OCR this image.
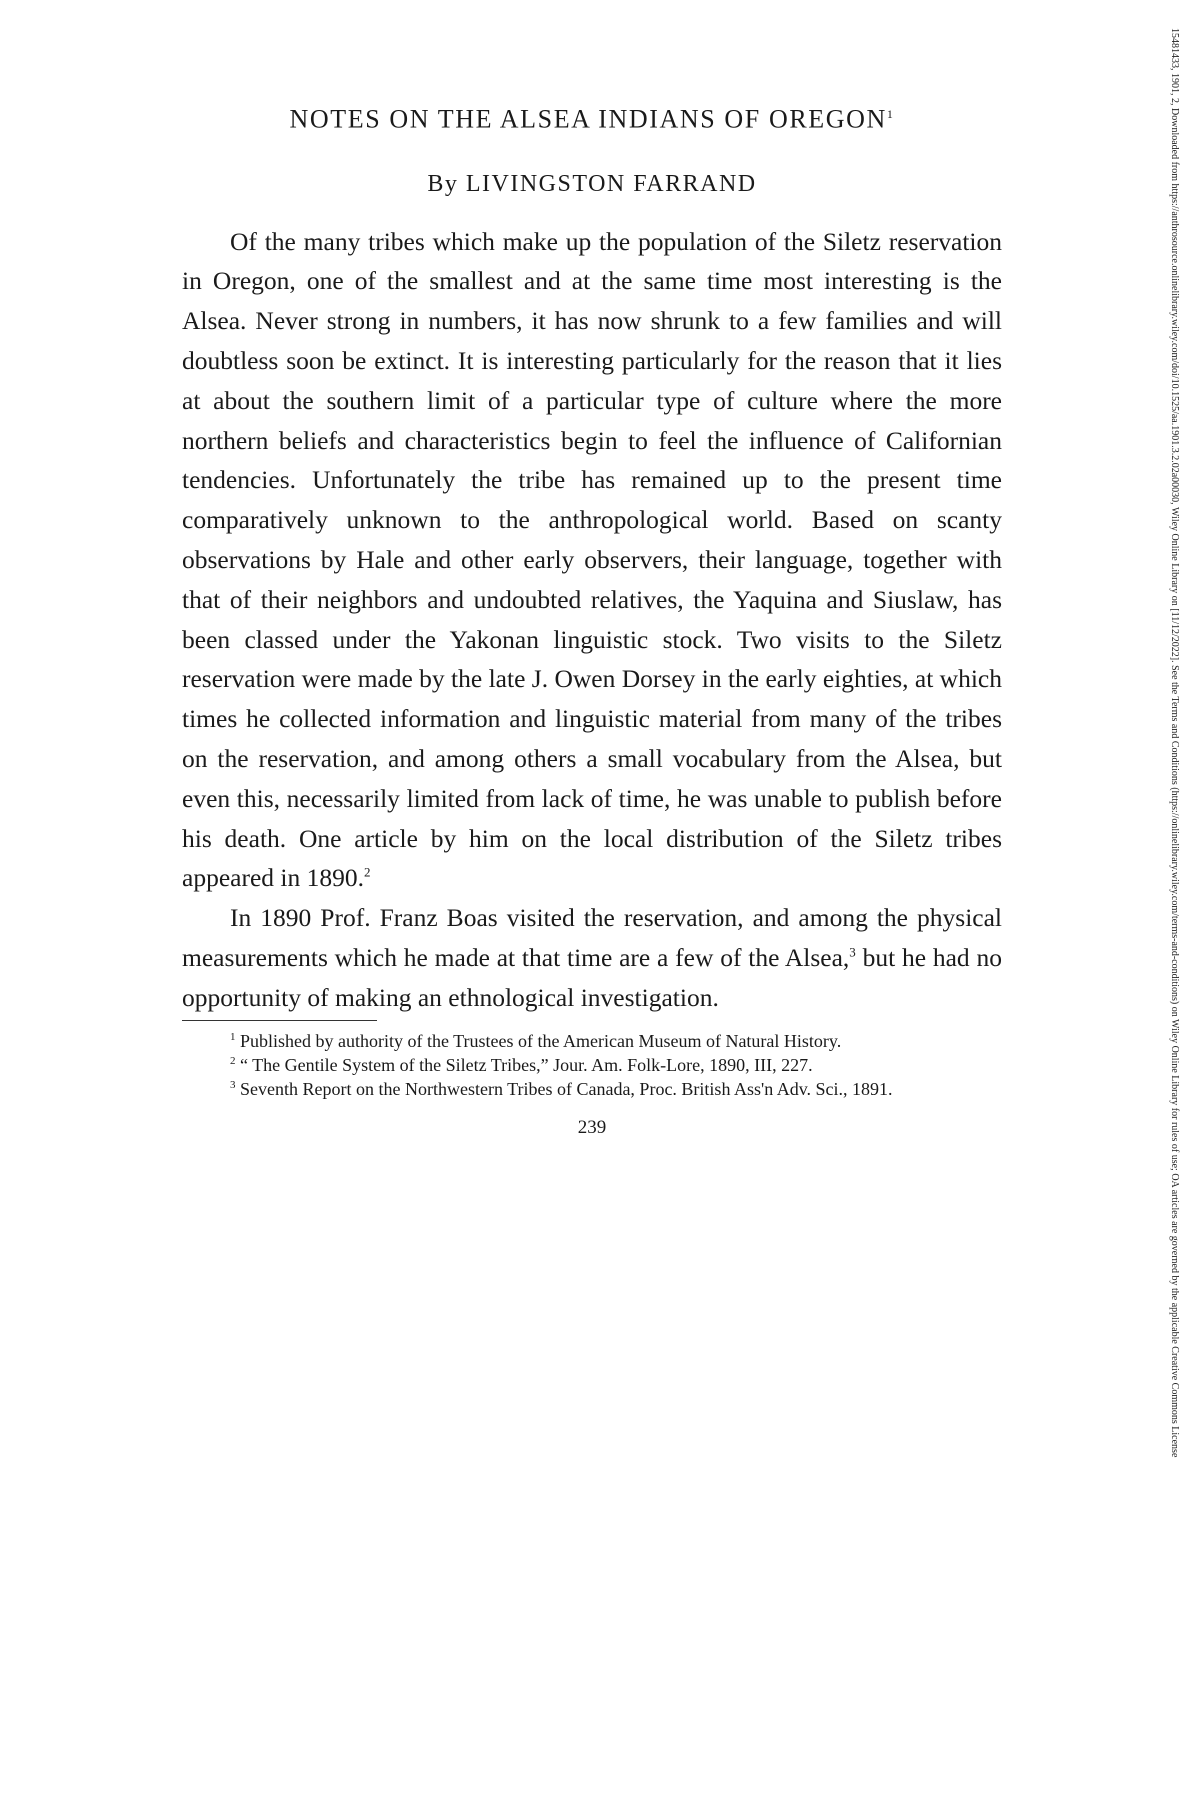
NOTES ON THE ALSEA INDIANS OF OREGON$^1$
By LIVINGSTON FARRAND

Of the many tribes which make up the population of the Siletz reservation in Oregon, one of the smallest and at the same time most interesting is the Alsea. Never strong in numbers, it has now shrunk to a few families and will doubtless soon be extinct. It is interesting particularly for the reason that it lies at about the southern limit of a particular type of culture where the more northern beliefs and characteristics begin to feel the influence of Californian tendencies. Unfortunately the tribe has remained up to the present time comparatively unknown to the anthropological world. Based on scanty observations by Hale and other early observers, their language, together with that of their neighbors and undoubted relatives, the Yaquina and Siuslaw, has been classed under the Yakonan linguistic stock. Two visits to the Siletz reservation were made by the late J. Owen Dorsey in the early eighties, at which times he collected information and linguistic material from many of the tribes on the reservation, and among others a small vocabulary from the Alsea, but even this, necessarily limited from lack of time, he was unable to publish before his death. One article by him on the local distribution of the Siletz tribes appeared in 1890.$^2$

In 1890 Prof. Franz Boas visited the reservation, and among the physical measurements which he made at that time are a few of the Alsea,$^3$ but he had no opportunity of making an ethnological investigation.

$^1$ Published by authority of the Trustees of the American Museum of Natural History.

$^2$ “ The Gentile System of the Siletz Tribes,” Jour. Am. Folk-Lore, 1890, III, 227.

$^3$ Seventh Report on the Northwestern Tribes of Canada, Proc. British Ass'n Adv. Sci., 1891.

239	15481433, 1901, 2, Downloaded from https://anthrosource.onlinelibrary.wiley.com/doi/10.1525/aa.1901.3.2.02a00030, Wiley Online Library on [11/12/2022]. See the Terms and Conditions (https://onlinelibrary.wiley.com/terms-and-conditions) on Wiley Online Library for rules of use; OA articles are governed by the applicable Creative Commons License
